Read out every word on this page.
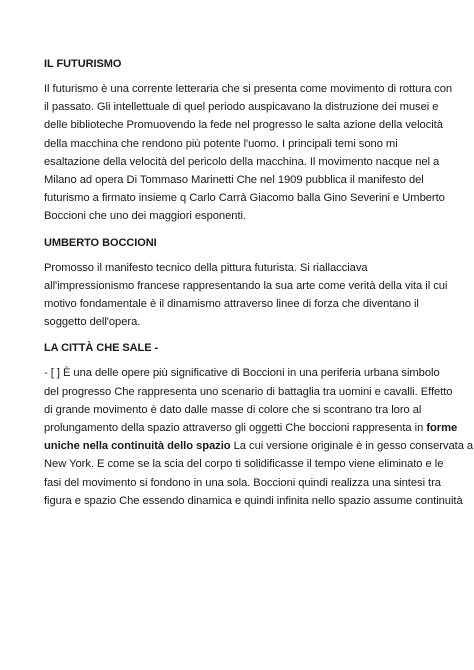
IL FUTURISMO
Il futurismo è una corrente letteraria che si presenta come movimento di rottura con
il passato. Gli intellettuale di quel periodo auspicavano la distruzione dei musei e
delle biblioteche Promuovendo la fede nel progresso le salta azione della velocità
della macchina che rendono più potente l'uomo. I principali temi sono mi
esaltazione della velocità del pericolo della macchina. Il movimento nacque nel a
Milano ad opera Di Tommaso Marinetti Che nel 1909 pubblica il manifesto del
futurismo a firmato insieme q Carlo Carrà Giacomo balla Gino Severini e Umberto
Boccioni che uno dei maggiori esponenti.
UMBERTO BOCCIONI
Promosso il manifesto tecnico della pittura futurista. Si riallacciava
all'impressionismo francese rappresentando la sua arte come verità della vita il cui
motivo fondamentale è il dinamismo attraverso linee di forza che diventano il
soggetto dell'opera.
LA CITTÀ CHE SALE -
- [ ] È una delle opere più significative di Boccioni in una periferia urbana simbolo
del progresso Che rappresenta uno scenario di battaglia tra uomini e cavalli. Effetto
di grande movimento è dato dalle masse di colore che si scontrano tra loro al
prolungamento della spazio attraverso gli oggetti Che boccioni rappresenta in forme
uniche nella continuità dello spazio La cui versione originale è in gesso conservata a
New York. E come se la scia del corpo ti solidificasse il tempo viene eliminato e le
fasi del movimento si fondono in una sola. Boccioni quindi realizza una sintesi tra
figura e spazio Che essendo dinamica e quindi infinita nello spazio assume continuità
